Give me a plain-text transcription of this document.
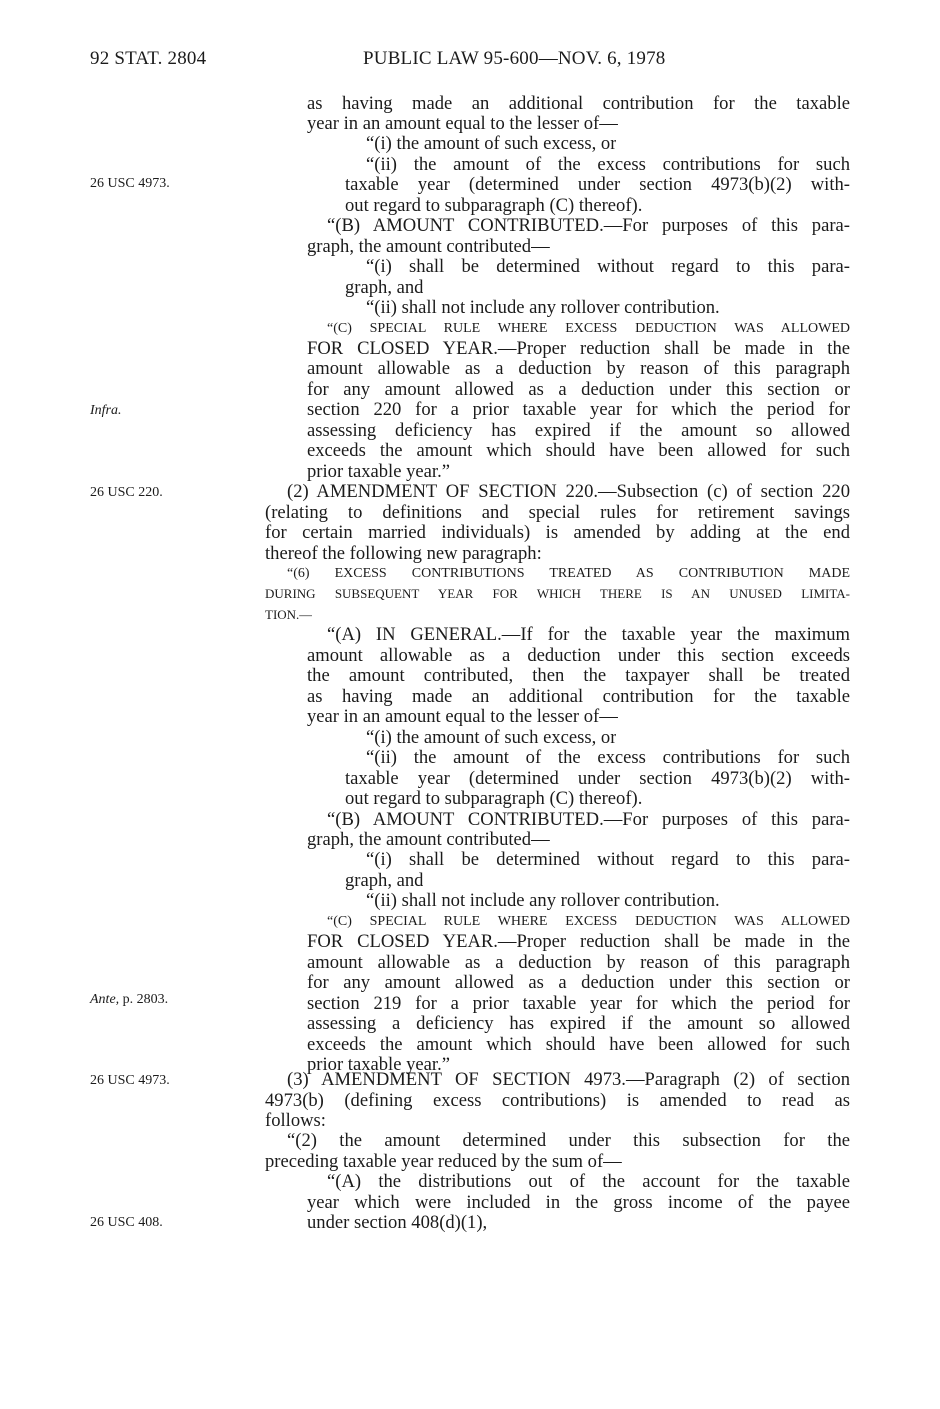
92 STAT. 2804	PUBLIC LAW 95-600—NOV. 6, 1978
26 USC 4973.
Infra.
26 USC 220.
Ante, p. 2803.
26 USC 4973.
26 USC 408.
as having made an additional contribution for the taxable
year in an amount equal to the lesser of—
“(i) the amount of such excess, or
“(ii) the amount of the excess contributions for such
taxable year (determined under section 4973(b)(2) with-
out regard to subparagraph (C) thereof).
“(B) AMOUNT CONTRIBUTED.—For purposes of this para-
graph, the amount contributed—
“(i) shall be determined without regard to this para-
graph, and
“(ii) shall not include any rollover contribution.
“(C) SPECIAL RULE WHERE EXCESS DEDUCTION WAS ALLOWED
FOR CLOSED YEAR.—Proper reduction shall be made in the
amount allowable as a deduction by reason of this paragraph
for any amount allowed as a deduction under this section or
section 220 for a prior taxable year for which the period for
assessing deficiency has expired if the amount so allowed
exceeds the amount which should have been allowed for such
prior taxable year.”
(2) AMENDMENT OF SECTION 220.—Subsection (c) of section 220
(relating to definitions and special rules for retirement savings
for certain married individuals) is amended by adding at the end
thereof the following new paragraph:
“(6) EXCESS CONTRIBUTIONS TREATED AS CONTRIBUTION MADE
DURING SUBSEQUENT YEAR FOR WHICH THERE IS AN UNUSED LIMITA-
TION.—
“(A) IN GENERAL.—If for the taxable year the maximum
amount allowable as a deduction under this section exceeds
the amount contributed, then the taxpayer shall be treated
as having made an additional contribution for the taxable
year in an amount equal to the lesser of—
“(i) the amount of such excess, or
“(ii) the amount of the excess contributions for such
taxable year (determined under section 4973(b)(2) with-
out regard to subparagraph (C) thereof).
“(B) AMOUNT CONTRIBUTED.—For purposes of this para-
graph, the amount contributed—
“(i) shall be determined without regard to this para-
graph, and
“(ii) shall not include any rollover contribution.
“(C) SPECIAL RULE WHERE EXCESS DEDUCTION WAS ALLOWED
FOR CLOSED YEAR.—Proper reduction shall be made in the
amount allowable as a deduction by reason of this paragraph
for any amount allowed as a deduction under this section or
section 219 for a prior taxable year for which the period for
assessing a deficiency has expired if the amount so allowed
exceeds the amount which should have been allowed for such
prior taxable year.”
(3) AMENDMENT OF SECTION 4973.—Paragraph (2) of section
4973(b) (defining excess contributions) is amended to read as
follows:
“(2) the amount determined under this subsection for the
preceding taxable year reduced by the sum of—
“(A) the distributions out of the account for the taxable
year which were included in the gross income of the payee
under section 408(d)(1),
